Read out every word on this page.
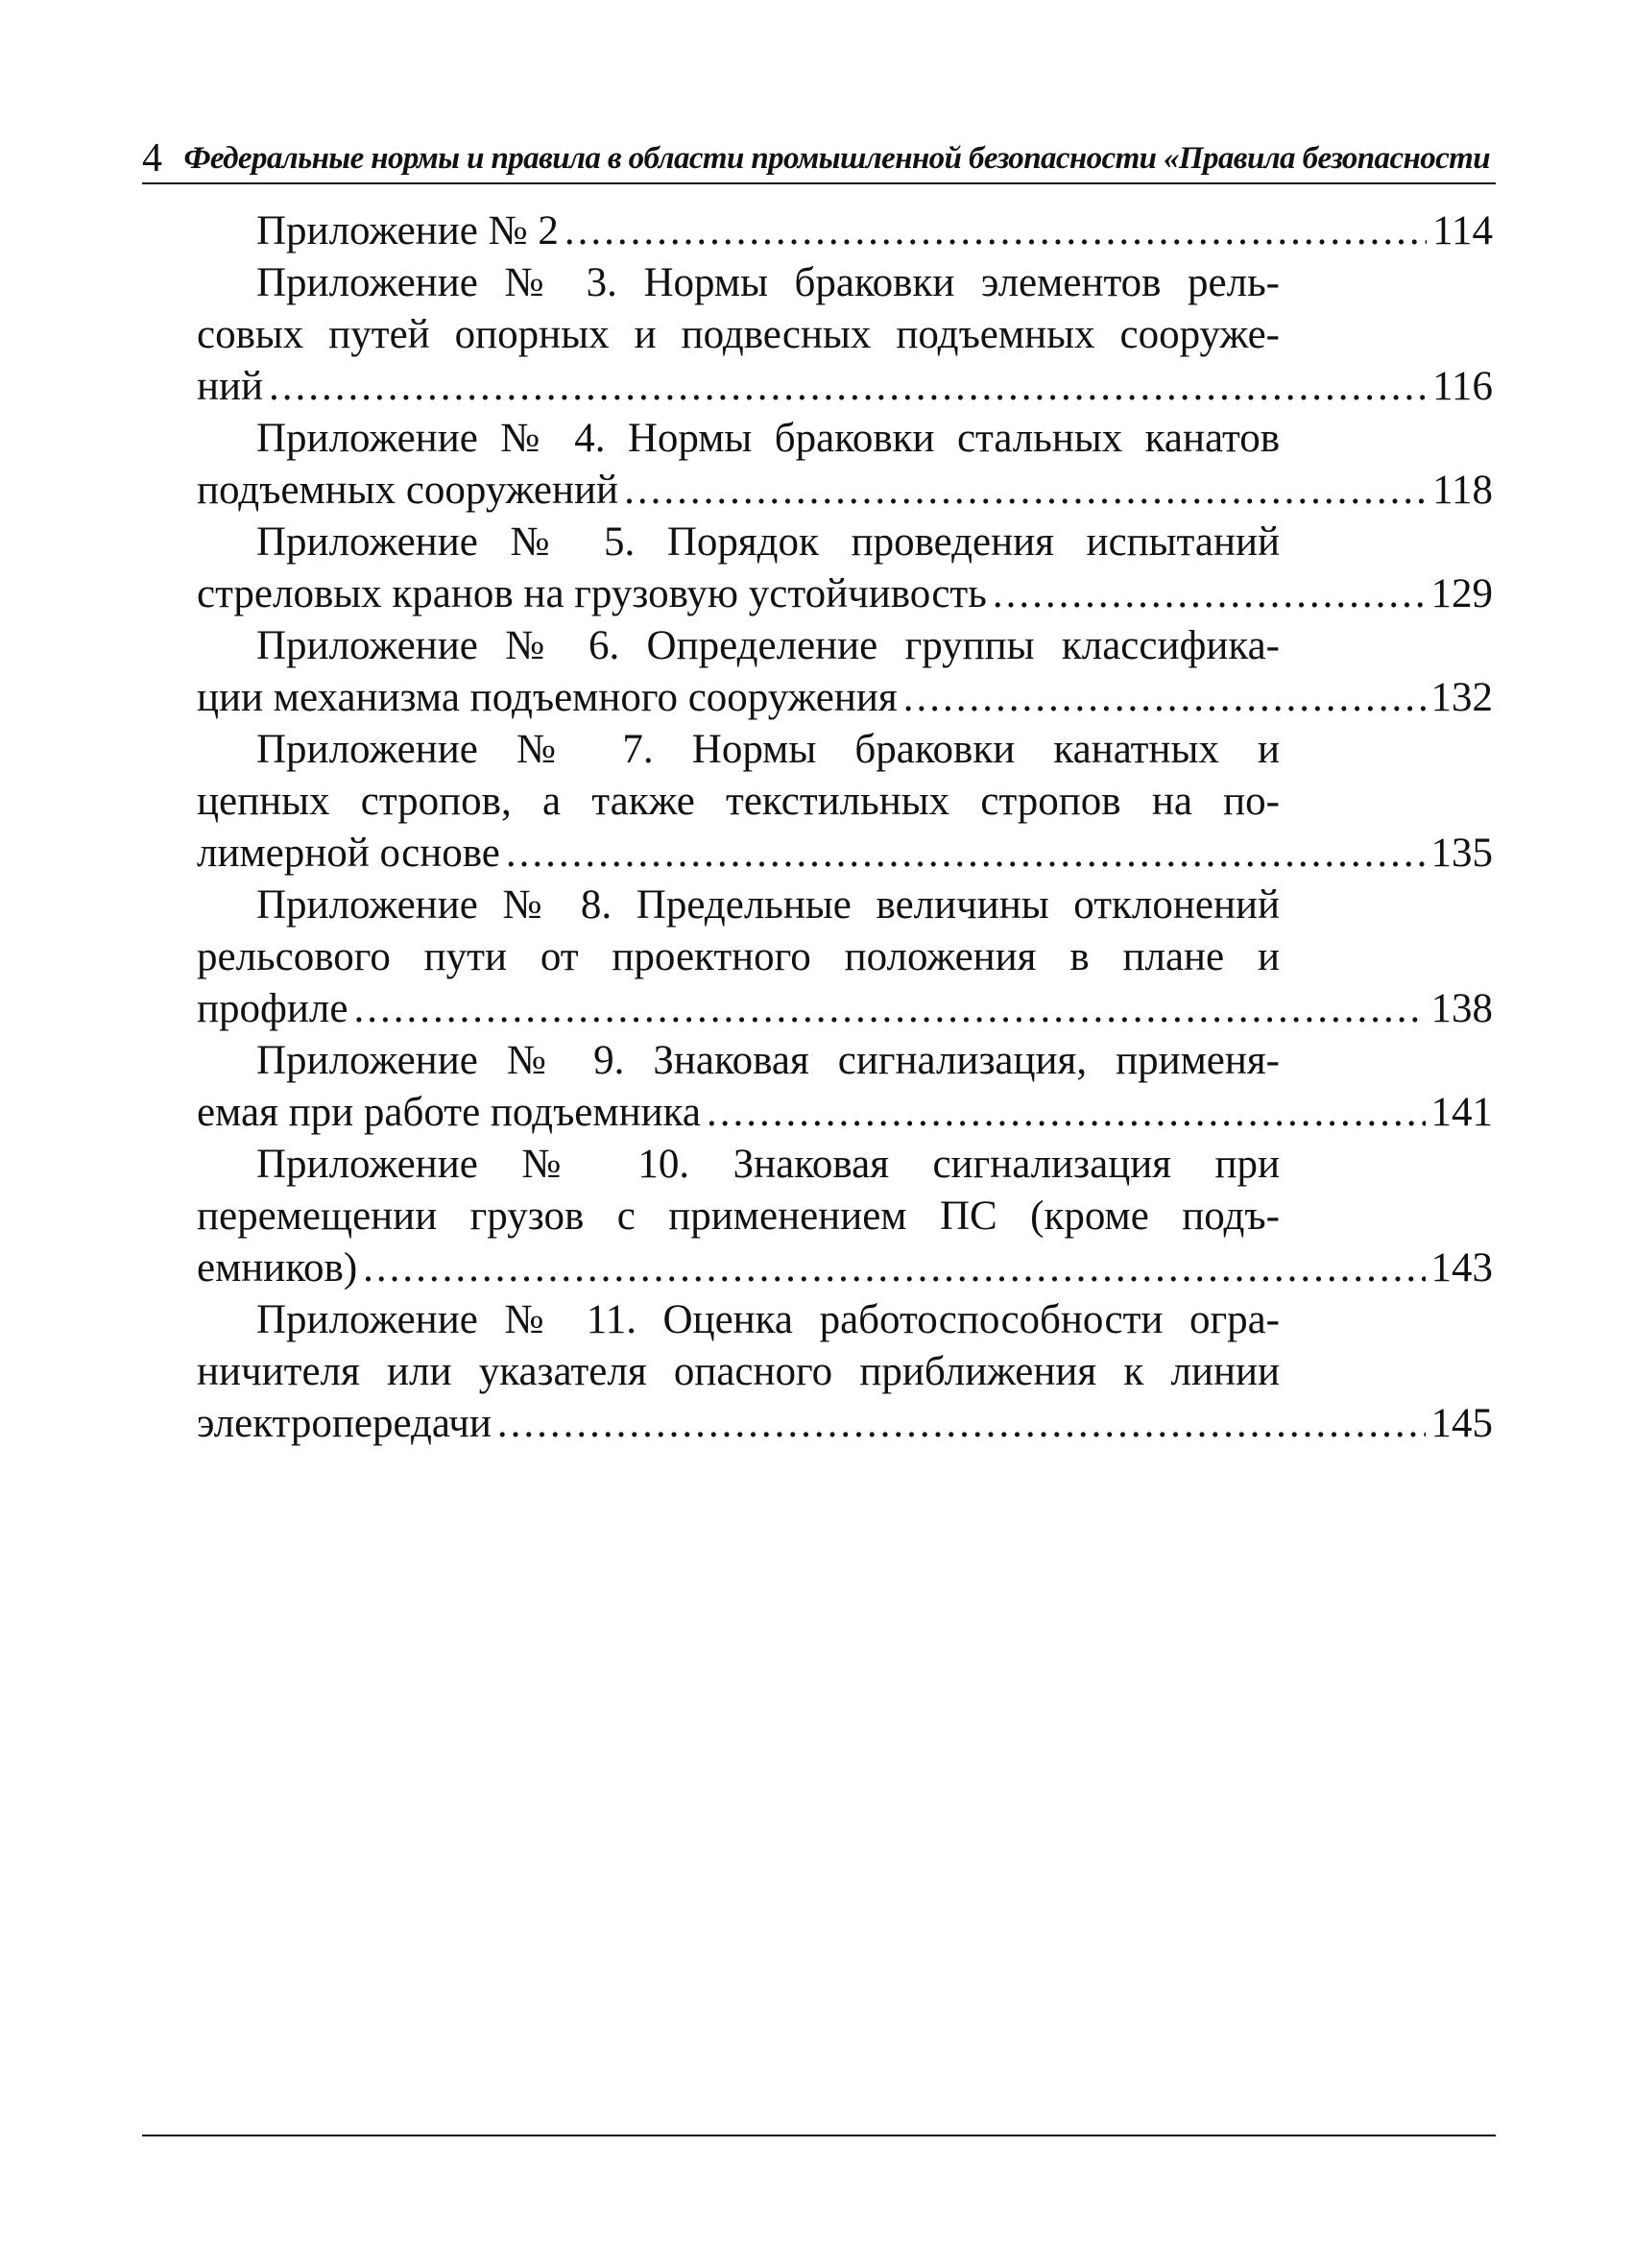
4 Федеральные нормы и правила в области промышленной безопасности «Правила безопасности
Приложение № 2 .....	114
Приложение № 3. Нормы браковки элементов рель-
совых путей опорных и подвесных подъемных сооруже-
ний .....	116
Приложение № 4. Нормы браковки стальных канатов
подъемных сооружений .....	118
Приложение № 5. Порядок проведения испытаний
стреловых кранов на грузовую устойчивость .....	129
Приложение № 6. Определение группы классифика-
ции механизма подъемного сооружения .....	132
Приложение № 7. Нормы браковки канатных и
цепных стропов, а также текстильных стропов на по-
лимерной основе .....	135
Приложение № 8. Предельные величины отклонений
рельсового пути от проектного положения в плане и
профиле .....	138
Приложение № 9. Знаковая сигнализация, применя-
емая при работе подъемника .....	141
Приложение № 10. Знаковая сигнализация при
перемещении грузов с применением ПС (кроме подъ-
емников) .....	143
Приложение № 11. Оценка работоспособности огра-
ничителя или указателя опасного приближения к линии
электропередачи .....	145
